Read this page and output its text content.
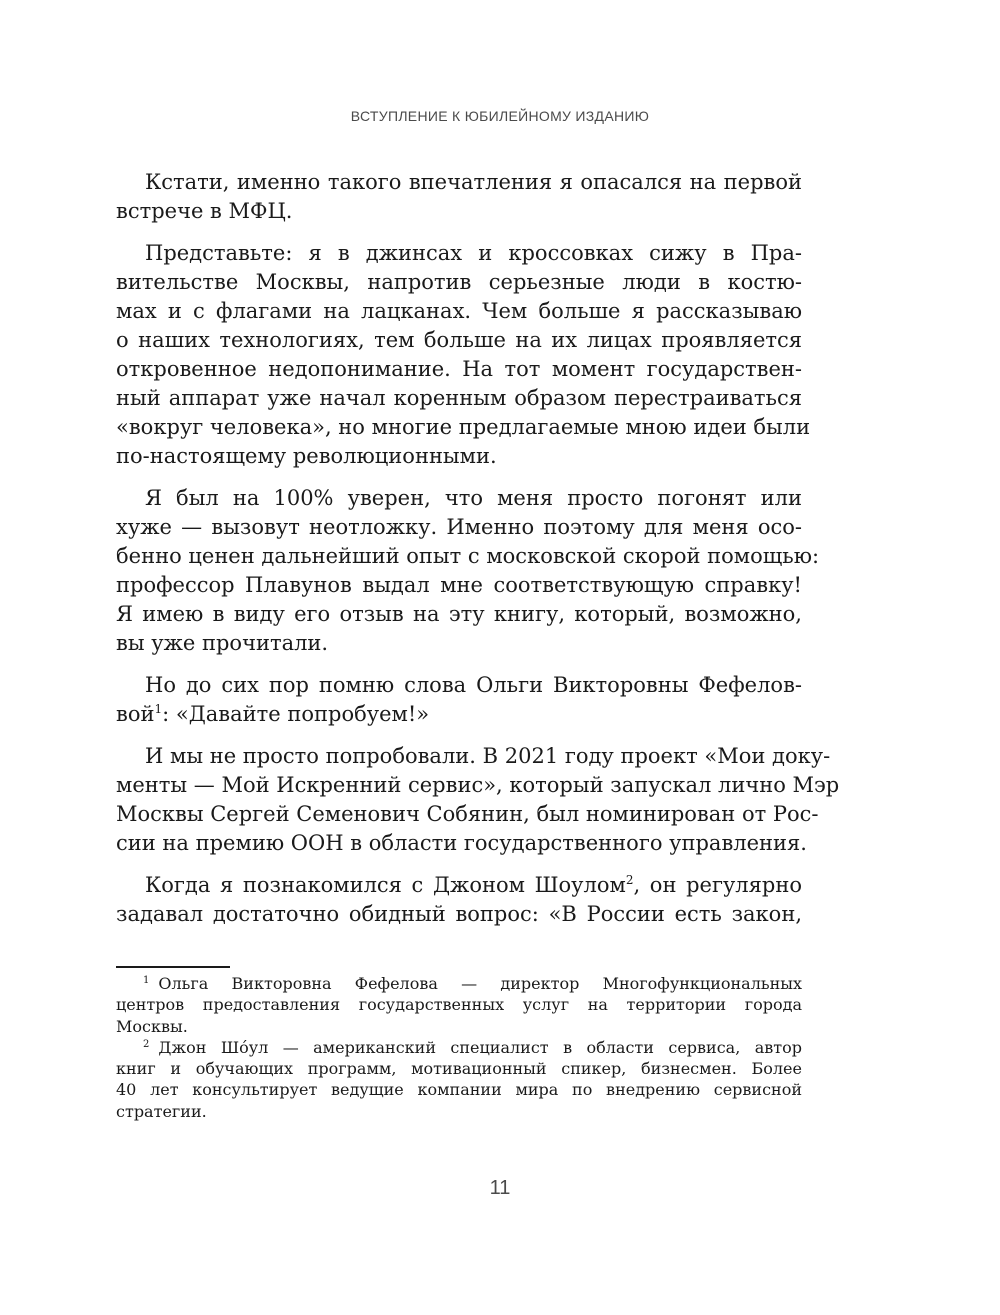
ВСТУПЛЕНИЕ К ЮБИЛЕЙНОМУ ИЗДАНИЮ
Кстати, именно такого впечатления я опасался на первой
встрече в МФЦ.
Представьте: я в джинсах и кроссовках сижу в Пра-
вительстве Москвы, напротив серьезные люди в костю-
мах и с флагами на лацканах. Чем больше я рассказываю
о наших технологиях, тем больше на их лицах проявляется
откровенное недопонимание. На тот момент государствен-
ный аппарат уже начал коренным образом перестраиваться
«вокруг человека», но многие предлагаемые мною идеи были
по-настоящему революционными.
Я был на 100% уверен, что меня просто погонят или
хуже — вызовут неотложку. Именно поэтому для меня осо-
бенно ценен дальнейший опыт с московской скорой помощью:
профессор Плавунов выдал мне соответствующую справку!
Я имею в виду его отзыв на эту книгу, который, возможно,
вы уже прочитали.
Но до сих пор помню слова Ольги Викторовны Фефелов-
вой$^1$: «Давайте попробуем!»
И мы не просто попробовали. В 2021 году проект «Мои доку-
менты — Мой Искренний сервис», который запускал лично Мэр
Москвы Сергей Семенович Собянин, был номинирован от Рос-
сии на премию ООН в области государственного управления.
Когда я познакомился с Джоном Шоулом$^2$, он регулярно
задавал достаточно обидный вопрос: «В России есть закон,
$^1$ Ольга Викторовна Фефелова — директор Многофункциональных
центров предоставления государственных услуг на территории города
Москвы.
$^2$ Джон Шóул — американский специалист в области сервиса, автор
книг и обучающих программ, мотивационный спикер, бизнесмен. Более
40 лет консультирует ведущие компании мира по внедрению сервисной
стратегии.
11
